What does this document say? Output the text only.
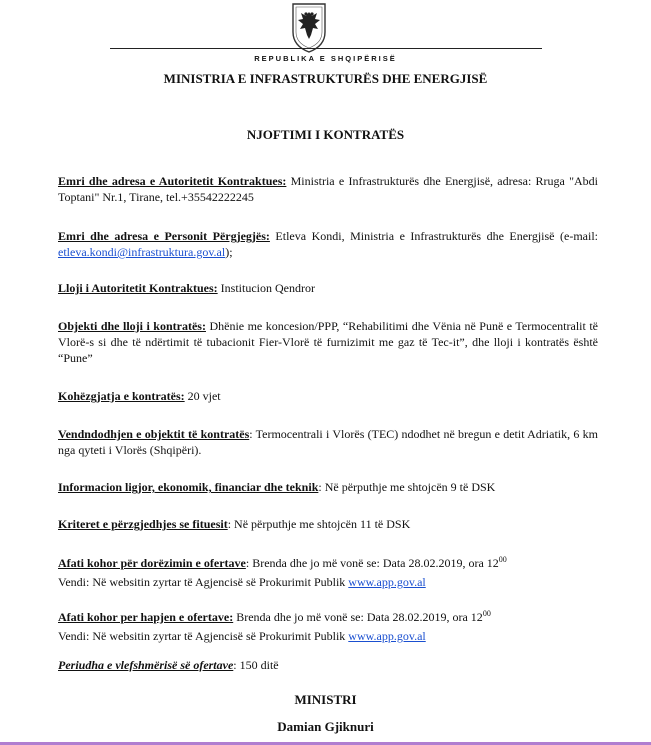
REPUBLIKA E SHQIPËRISË
MINISTRIA E INFRASTRUKTURËS DHE ENERGJISË
NJOFTIMI I KONTRATËS
Emri dhe adresa e Autoritetit Kontraktues: Ministria e Infrastrukturës dhe Energjisë, adresa: Rruga "Abdi Toptani" Nr.1, Tirane, tel.+35542222245
Emri dhe adresa e Personit Përgjegjës: Etleva Kondi, Ministria e Infrastrukturës dhe Energjisë (e-mail: etleva.kondi@infrastruktura.gov.al);
Lloji i Autoritetit Kontraktues: Institucion Qendror
Objekti dhe lloji i kontratës: Dhënie me koncesion/PPP, “Rehabilitimi dhe Vënia në Punë e Termocentralit të Vlorë-s si dhe të ndërtimit të tubacionit Fier-Vlorë të furnizimit me gaz të Tec-it”, dhe lloji i kontratës është “Pune”
Kohëzgjatja e kontratës: 20 vjet
Vendndodhjen e objektit të kontratës: Termocentrali i Vlorës (TEC) ndodhet në bregun e detit Adriatik, 6 km nga qyteti i Vlorës (Shqipëri).
Informacion ligjor, ekonomik, financiar dhe teknik: Në përputhje me shtojcën 9 të DSK
Kriteret e përzgjedhjes se fituesit: Në përputhje me shtojcën 11 të DSK
Afati kohor për dorëzimin e ofertave: Brenda dhe jo më vonë se: Data 28.02.2019, ora $12^{00}$
Vendi: Në websitin zyrtar të Agjencisë së Prokurimit Publik www.app.gov.al
Afati kohor per hapjen e ofertave: Brenda dhe jo më vonë se: Data 28.02.2019, ora $12^{00}$
Vendi: Në websitin zyrtar të Agjencisë së Prokurimit Publik www.app.gov.al
Periudha e vlefshmërisë së ofertave: 150 ditë
MINISTRI
Damian Gjiknuri
